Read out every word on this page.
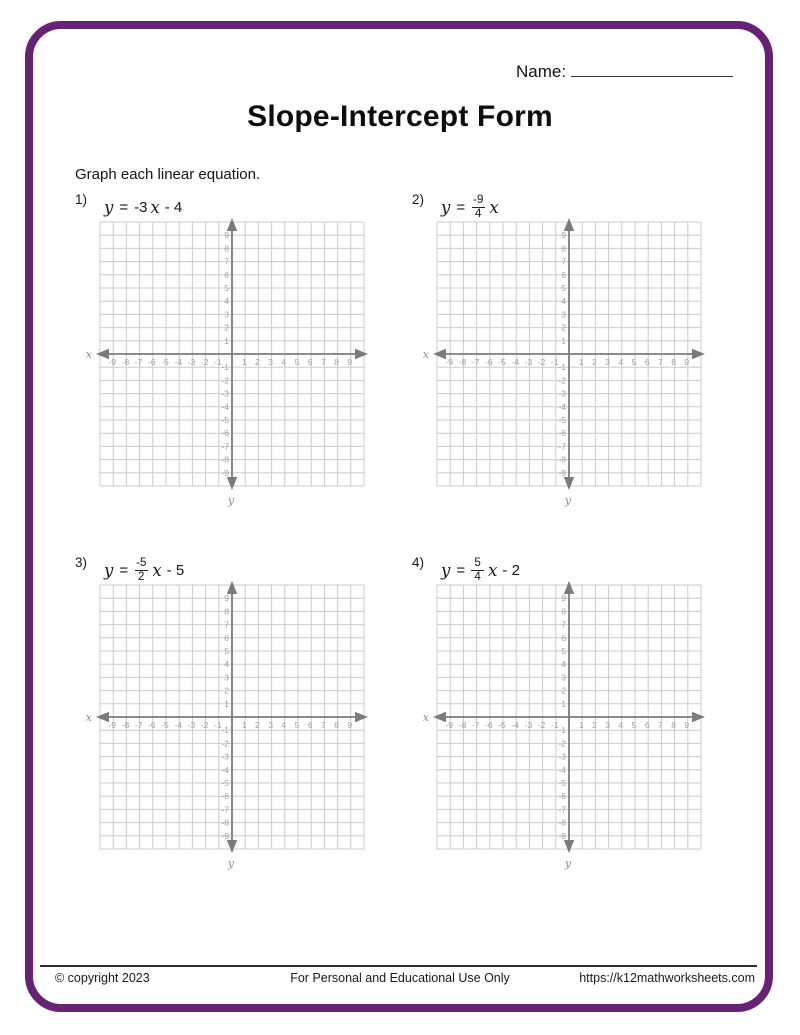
Name:
Slope-Intercept Form
Graph each linear equation.
1) y = -3 x - 4
-9 -8 -7 -6 -5 -4 -3 -2 -1 1 2 3 4 5 6 7 8 9
9
8
7
6
5
4
3
2
1
-1
-2
-3
-4
-5
-6
-7
-8
-9
x
y
2) $y = \frac{-9}{4}$ x
-9 -8 -7 -6 -5 -4 -3 -2 -1 1 2 3 4 5 6 7 8 9
9
8
7
6
5
4
3
2
1
-1
-2
-3
-4
-5
-6
-7
-8
-9
x
y
3) $y = \frac{-5}{2}$ x - 5
-9 -8 -7 -6 -5 -4 -3 -2 -1 1 2 3 4 5 6 7 8 9
9
8
7
6
5
4
3
2
1
-1
-2
-3
-4
-5
-6
-7
-8
-9
x
y
4) $y = \frac{5}{4}$ x - 2
-9 -8 -7 -6 -5 -4 -3 -2 -1 1 2 3 4 5 6 7 8 9
9
8
7
6
5
4
3
2
1
-1
-2
-3
-4
-5
-6
-7
-8
-9
x
y
© copyright 2023	For Personal and Educational Use Only	https://k12mathworksheets.com
